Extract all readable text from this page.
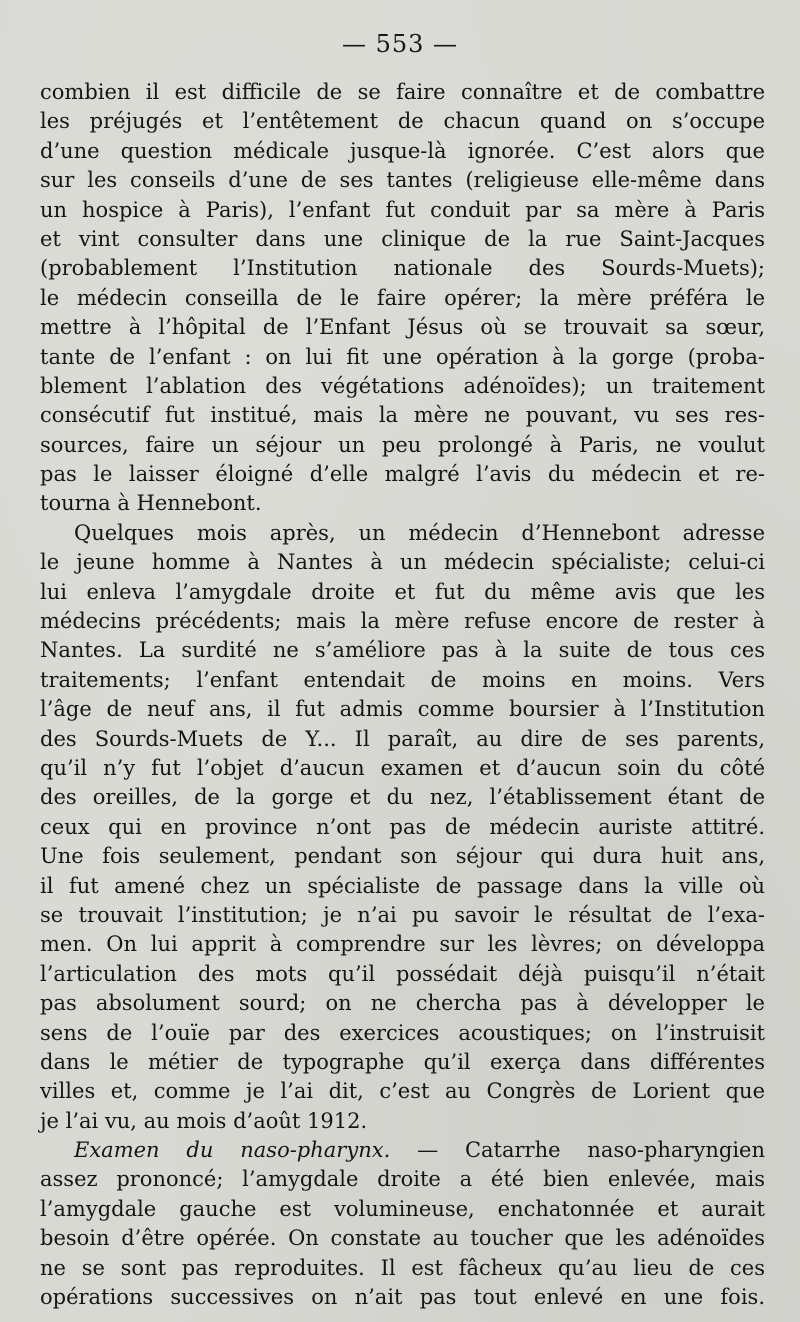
— 553 —
combien il est difficile de se faire connaître et de combattre
les préjugés et l’entêtement de chacun quand on s’occupe
d’une question médicale jusque-là ignorée. C’est alors que
sur les conseils d’une de ses tantes (religieuse elle-même dans
un hospice à Paris), l’enfant fut conduit par sa mère à Paris
et vint consulter dans une clinique de la rue Saint-Jacques
(probablement l’Institution nationale des Sourds-Muets);
le médecin conseilla de le faire opérer; la mère préféra le
mettre à l’hôpital de l’Enfant Jésus où se trouvait sa sœur,
tante de l’enfant : on lui fit une opération à la gorge (proba-
blement l’ablation des végétations adénoïdes); un traitement
consécutif fut institué, mais la mère ne pouvant, vu ses res-
sources, faire un séjour un peu prolongé à Paris, ne voulut
pas le laisser éloigné d’elle malgré l’avis du médecin et re-
tourna à Hennebont.
Quelques mois après, un médecin d’Hennebont adresse
le jeune homme à Nantes à un médecin spécialiste; celui-ci
lui enleva l’amygdale droite et fut du même avis que les
médecins précédents; mais la mère refuse encore de rester à
Nantes. La surdité ne s’améliore pas à la suite de tous ces
traitements; l’enfant entendait de moins en moins. Vers
l’âge de neuf ans, il fut admis comme boursier à l’Institution
des Sourds-Muets de Y... Il paraît, au dire de ses parents,
qu’il n’y fut l’objet d’aucun examen et d’aucun soin du côté
des oreilles, de la gorge et du nez, l’établissement étant de
ceux qui en province n’ont pas de médecin auriste attitré.
Une fois seulement, pendant son séjour qui dura huit ans,
il fut amené chez un spécialiste de passage dans la ville où
se trouvait l’institution; je n’ai pu savoir le résultat de l’exa-
men. On lui apprit à comprendre sur les lèvres; on développa
l’articulation des mots qu’il possédait déjà puisqu’il n’était
pas absolument sourd; on ne chercha pas à développer le
sens de l’ouïe par des exercices acoustiques; on l’instruisit
dans le métier de typographe qu’il exerça dans différentes
villes et, comme je l’ai dit, c’est au Congrès de Lorient que
je l’ai vu, au mois d’août 1912.
Examen du naso-pharynx. — Catarrhe naso-pharyngien
assez prononcé; l’amygdale droite a été bien enlevée, mais
l’amygdale gauche est volumineuse, enchatonnée et aurait
besoin d’être opérée. On constate au toucher que les adénoïdes
ne se sont pas reproduites. Il est fâcheux qu’au lieu de ces
opérations successives on n’ait pas tout enlevé en une fois.
